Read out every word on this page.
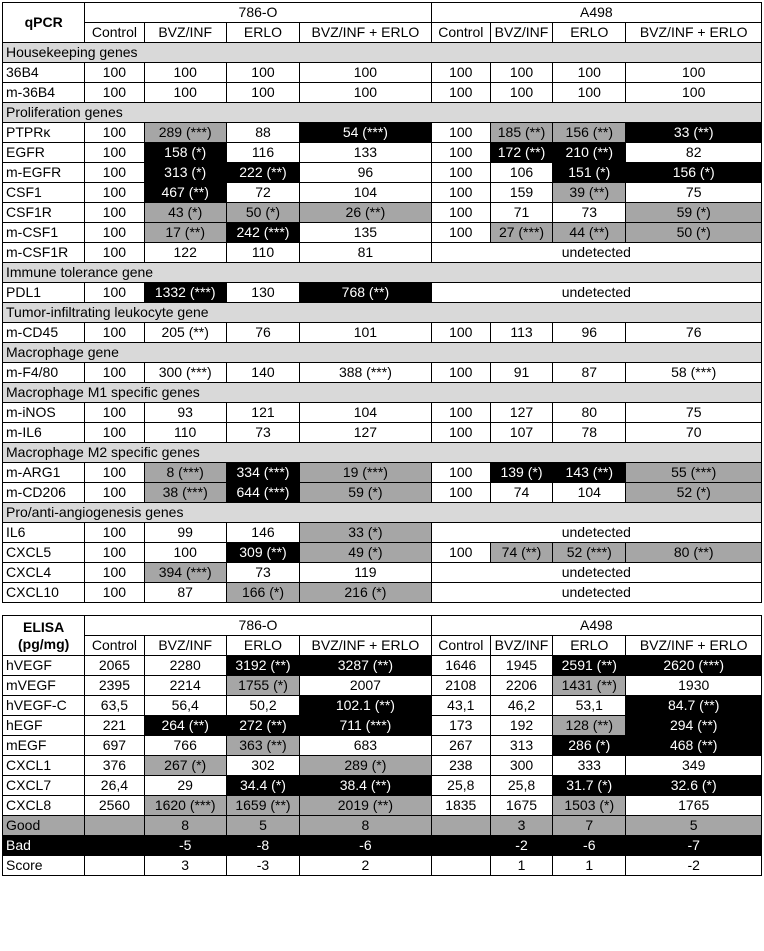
qPCR	786-O				A498			
	Control	BVZ/INF	ERLO	BVZ/INF + ERLO	Control	BVZ/INF	ERLO	BVZ/INF + ERLO
Housekeeping genes								
36B4	100	100	100	100	100	100	100	100
m-36B4	100	100	100	100	100	100	100	100
Proliferation genes								
PTPRκ	100	289 (***)	88	54 (***)	100	185 (**)	156 (**)	33 (**)
EGFR	100	158 (*)	116	133	100	172 (**)	210 (**)	82
m-EGFR	100	313 (*)	222 (**)	96	100	106	151 (*)	156 (*)
CSF1	100	467 (**)	72	104	100	159	39 (**)	75
CSF1R	100	43 (*)	50 (*)	26 (**)	100	71	73	59 (*)
m-CSF1	100	17 (**)	242 (***)	135	100	27 (***)	44 (**)	50 (*)
m-CSF1R	100	122	110	81	undetected			
Immune tolerance gene								
PDL1	100	1332 (***)	130	768 (**)	undetected			
Tumor-infiltrating leukocyte gene								
m-CD45	100	205 (**)	76	101	100	113	96	76
Macrophage gene								
m-F4/80	100	300 (***)	140	388 (***)	100	91	87	58 (***)
Macrophage M1 specific genes								
m-iNOS	100	93	121	104	100	127	80	75
m-IL6	100	110	73	127	100	107	78	70
Macrophage M2 specific genes								
m-ARG1	100	8 (***)	334 (***)	19 (***)	100	139 (*)	143 (**)	55 (***)
m-CD206	100	38 (***)	644 (***)	59 (*)	100	74	104	52 (*)
Pro/anti-angiogenesis genes								
IL6	100	99	146	33 (*)	undetected			
CXCL5	100	100	309 (**)	49 (*)	100	74 (**)	52 (***)	80 (**)
CXCL4	100	394 (***)	73	119	undetected			
CXCL10	100	87	166 (*)	216 (*)	undetected			

ELISA
(pg/mg)	786-O				A498			
	Control	BVZ/INF	ERLO	BVZ/INF + ERLO	Control	BVZ/INF	ERLO	BVZ/INF + ERLO
hVEGF	2065	2280	3192 (**)	3287 (**)	1646	1945	2591 (**)	2620 (***)
mVEGF	2395	2214	1755 (*)	2007	2108	2206	1431 (**)	1930
hVEGF-C	63,5	56,4	50,2	102.1 (**)	43,1	46,2	53,1	84.7 (**)
hEGF	221	264 (**)	272 (**)	711 (***)	173	192	128 (**)	294 (**)
mEGF	697	766	363 (**)	683	267	313	286 (*)	468 (**)
CXCL1	376	267 (*)	302	289 (*)	238	300	333	349
CXCL7	26,4	29	34.4 (*)	38.4 (**)	25,8	25,8	31.7 (*)	32.6 (*)
CXCL8	2560	1620 (***)	1659 (**)	2019 (**)	1835	1675	1503 (*)	1765
Good		8	5	8		3	7	5
Bad		-5	-8	-6		-2	-6	-7
Score		3	-3	2		1	1	-2
